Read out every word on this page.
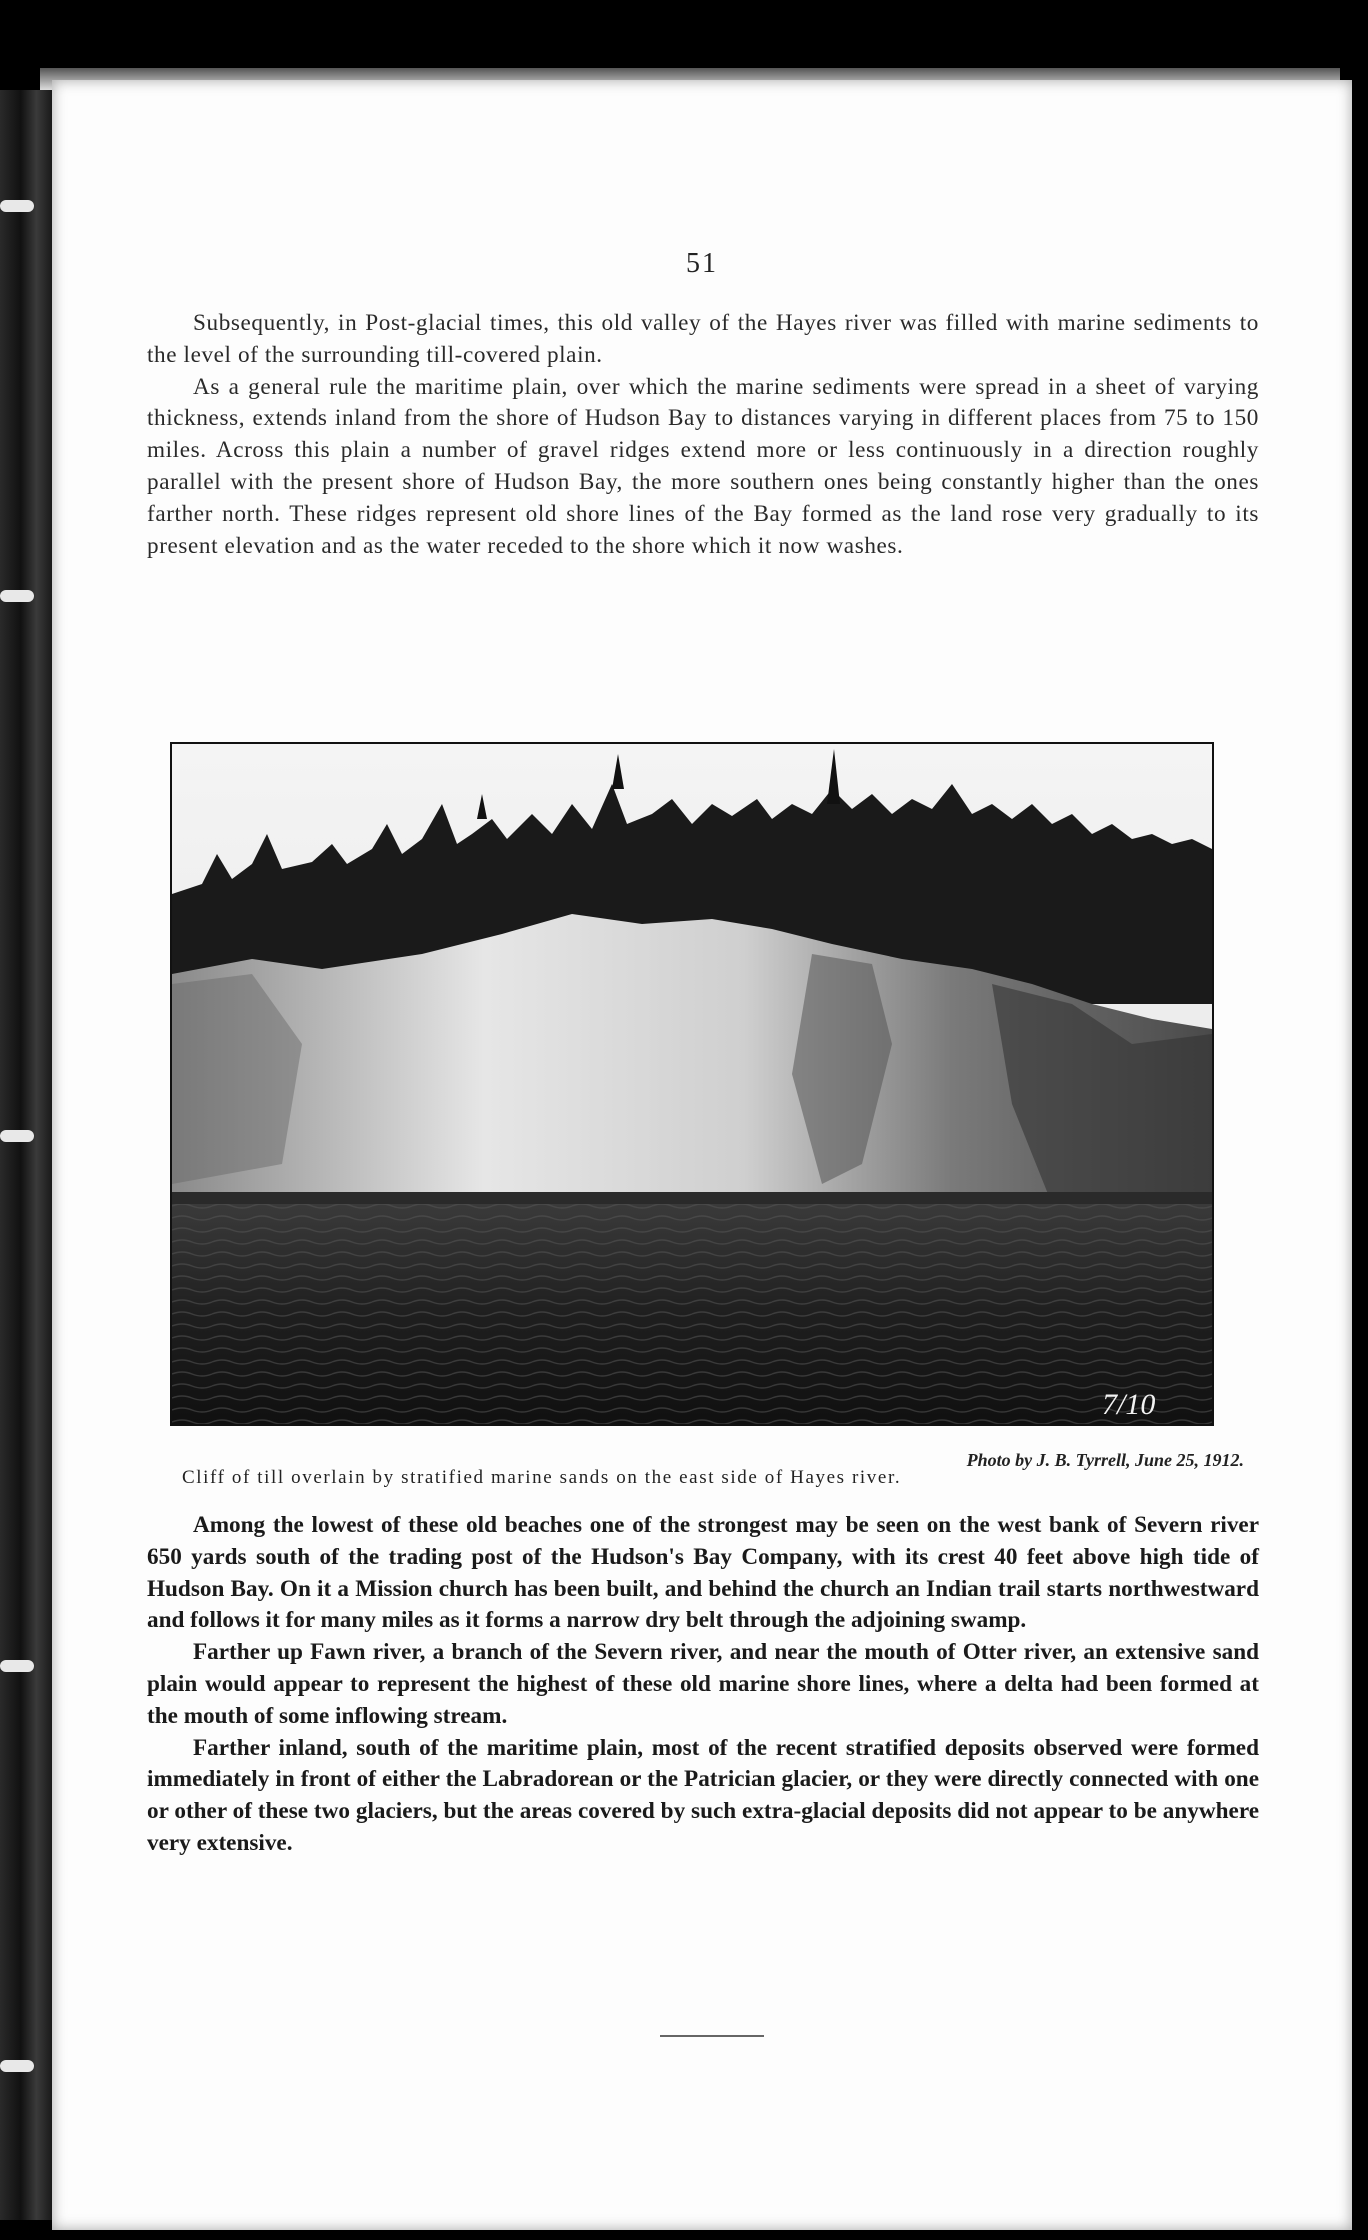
51

Subsequently, in Post-glacial times, this old valley of the Hayes river was filled with marine sediments to the level of the surrounding till-covered plain.

As a general rule the maritime plain, over which the marine sediments were spread in a sheet of varying thickness, extends inland from the shore of Hudson Bay to distances varying in different places from 75 to 150 miles. Across this plain a number of gravel ridges extend more or less continuously in a direction roughly parallel with the present shore of Hudson Bay, the more southern ones being constantly higher than the ones farther north. These ridges represent old shore lines of the Bay formed as the land rose very gradually to its present elevation and as the water receded to the shore which it now washes.

7/10
Photo by J. B. Tyrrell, June 25, 1912.
Cliff of till overlain by stratified marine sands on the east side of Hayes river.

Among the lowest of these old beaches one of the strongest may be seen on the west bank of Severn river 650 yards south of the trading post of the Hudson's Bay Company, with its crest 40 feet above high tide of Hudson Bay. On it a Mission church has been built, and behind the church an Indian trail starts northwestward and follows it for many miles as it forms a narrow dry belt through the adjoining swamp.

Farther up Fawn river, a branch of the Severn river, and near the mouth of Otter river, an extensive sand plain would appear to represent the highest of these old marine shore lines, where a delta had been formed at the mouth of some inflowing stream.

Farther inland, south of the maritime plain, most of the recent stratified deposits observed were formed immediately in front of either the Labradorean or the Patrician glacier, or they were directly connected with one or other of these two glaciers, but the areas covered by such extra-glacial deposits did not appear to be anywhere very extensive.
